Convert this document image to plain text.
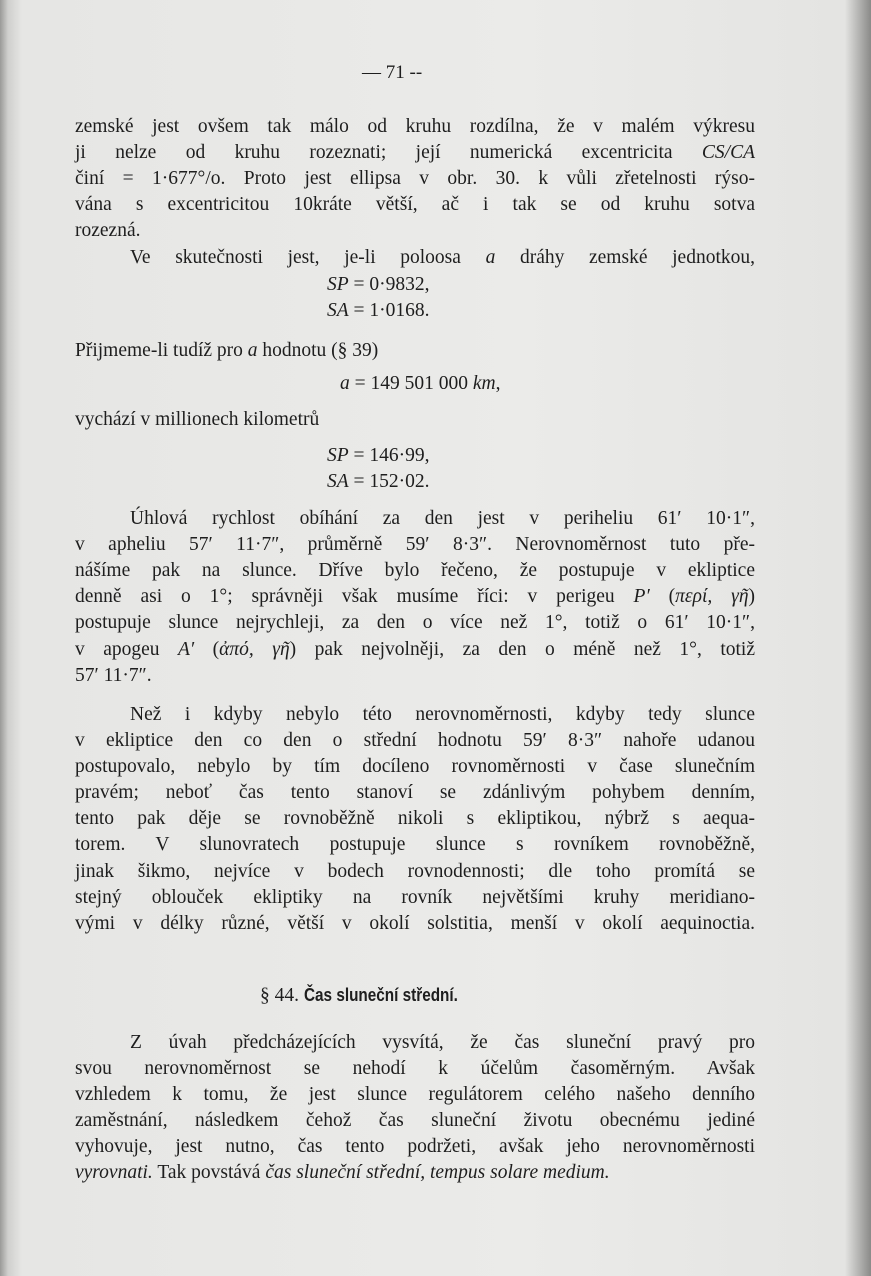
— 71 --
zemské jest ovšem tak málo od kruhu rozdílna, že v malém výkresu
ji nelze od kruhu rozeznati; její numerická excentricita CS/CA
činí = 1·677°/o. Proto jest ellipsa v obr. 30. k vůli zřetelnosti rýso-
vána s excentricitou 10kráte větší, ač i tak se od kruhu sotva
rozezná.
Ve skutečnosti jest, je-li poloosa a dráhy zemské jednotkou,
SP = 0·9832,
SA = 1·0168.
Přijmeme-li tudíž pro a hodnotu (§ 39)
a = 149 501 000 km,
vychází v millionech kilometrů
SP = 146·99,
SA = 152·02.
Úhlová rychlost obíhání za den jest v periheliu 61′ 10·1″,
v apheliu 57′ 11·7″, průměrně 59′ 8·3″. Nerovnoměrnost tuto pře-
nášíme pak na slunce. Dříve bylo řečeno, že postupuje v ekliptice
denně asi o 1°; správněji však musíme říci: v perigeu P′ (περί, γῆ)
postupuje slunce nejrychleji, za den o více než 1°, totiž o 61′ 10·1″,
v apogeu A′ (ἀπό, γῆ) pak nejvolněji, za den o méně než 1°, totiž
57′ 11·7″.
Než i kdyby nebylo této nerovnoměrnosti, kdyby tedy slunce
v ekliptice den co den o střední hodnotu 59′ 8·3″ nahoře udanou
postupovalo, nebylo by tím docíleno rovnoměrnosti v čase slunečním
pravém; neboť čas tento stanoví se zdánlivým pohybem denním,
tento pak děje se rovnoběžně nikoli s ekliptikou, nýbrž s aequa-
torem. V slunovratech postupuje slunce s rovníkem rovnoběžně,
jinak šikmo, nejvíce v bodech rovnodennosti; dle toho promítá se
stejný oblouček ekliptiky na rovník největšími kruhy meridiano-
vými v délky různé, větší v okolí solstitia, menší v okolí aequinoctia.
§ 44. Čas sluneční střední.
Z úvah předcházejících vysvítá, že čas sluneční pravý pro
svou nerovnoměrnost se nehodí k účelům časoměrným. Avšak
vzhledem k tomu, že jest slunce regulátorem celého našeho denního
zaměstnání, následkem čehož čas sluneční životu obecnému jediné
vyhovuje, jest nutno, čas tento podržeti, avšak jeho nerovnoměrnosti
vyrovnati. Tak povstává čas sluneční střední, tempus solare medium.
